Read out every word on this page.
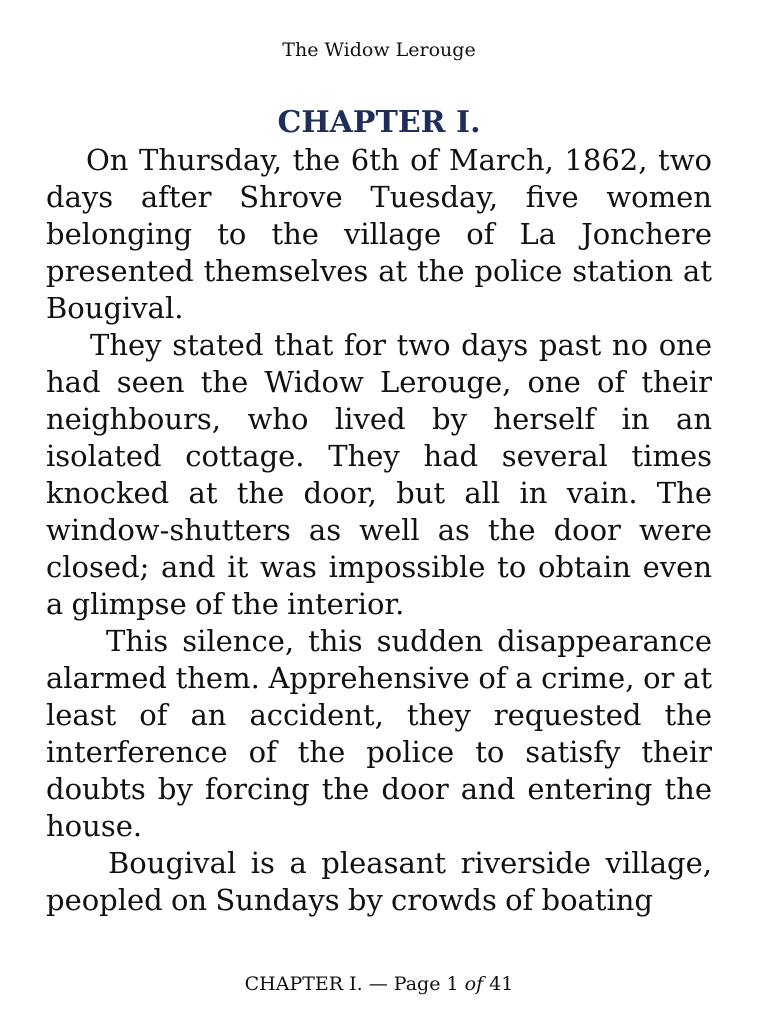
The Widow Lerouge
CHAPTER I.

On Thursday, the 6th of March, 1862, two days after Shrove Tuesday, five women belonging to the village of La Jonchere presented themselves at the police station at Bougival.

They stated that for two days past no one had seen the Widow Lerouge, one of their neighbours, who lived by herself in an isolated cottage. They had several times knocked at the door, but all in vain. The window-shutters as well as the door were closed; and it was impossible to obtain even a glimpse of the interior.

This silence, this sudden disappearance alarmed them. Apprehensive of a crime, or at least of an accident, they requested the interference of the police to satisfy their doubts by forcing the door and entering the house.

Bougival is a pleasant riverside village, peopled on Sundays by crowds of boating

CHAPTER I. — Page 1 of 41
